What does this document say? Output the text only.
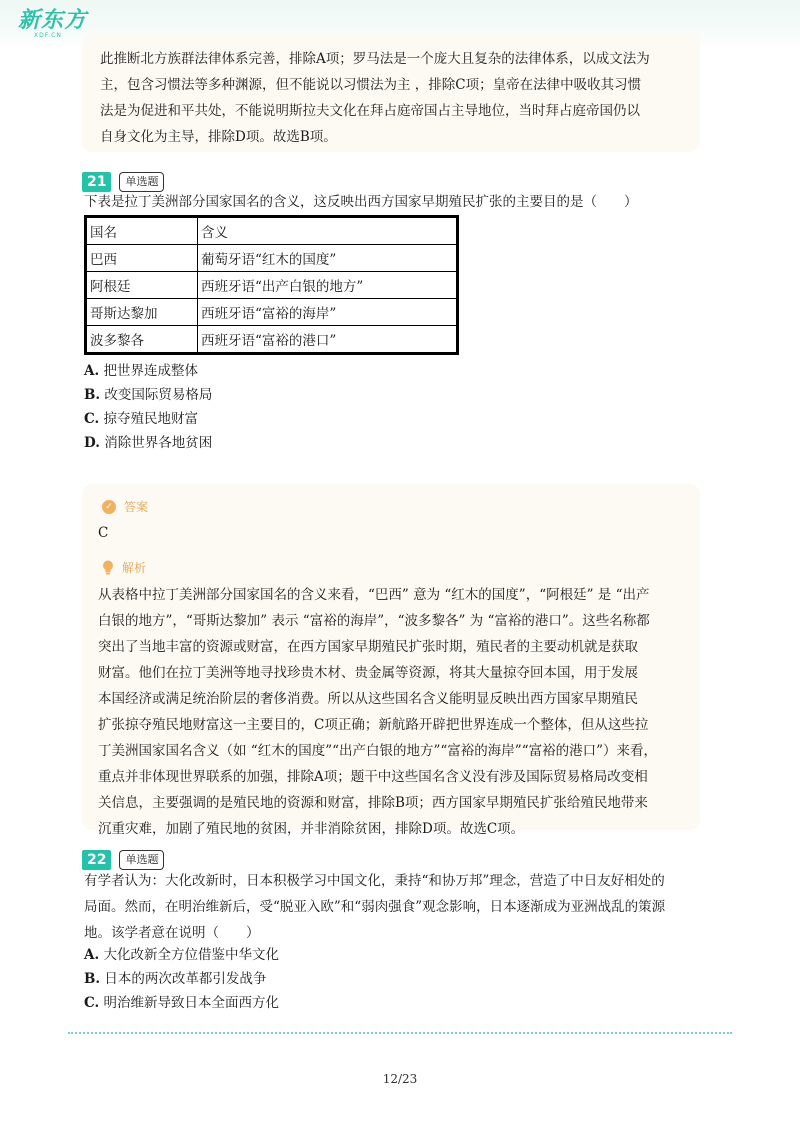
新东方
XDF.CN

此推断北方族群法律体系完善，排除A项；罗马法是一个庞大且复杂的法律体系，以成文法为

主，包含习惯法等多种渊源，但不能说以习惯法为主 ，排除C项；皇帝在法律中吸收其习惯

法是为促进和平共处，不能说明斯拉夫文化在拜占庭帝国占主导地位，当时拜占庭帝国仍以

自身文化为主导，排除D项。故选B项。

21	单选题

下表是拉丁美洲部分国家国名的含义，这反映出西方国家早期殖民扩张的主要目的是（　　）

国名	含义
巴西	葡萄牙语“红木的国度”
阿根廷	西班牙语“出产白银的地方”
哥斯达黎加	西班牙语“富裕的海岸”
波多黎各	西班牙语“富裕的港口”
A. 把世界连成整体
B. 改变国际贸易格局
C. 掠夺殖民地财富
D. 消除世界各地贫困
✓ 答案

C

解析

从表格中拉丁美洲部分国家国名的含义来看，“巴西” 意为 “红木的国度”，“阿根廷” 是 “出产

白银的地方”，“哥斯达黎加” 表示 “富裕的海岸”，“波多黎各” 为 “富裕的港口”。这些名称都

突出了当地丰富的资源或财富，在西方国家早期殖民扩张时期，殖民者的主要动机就是获取

财富。他们在拉丁美洲等地寻找珍贵木材、贵金属等资源，将其大量掠夺回本国，用于发展

本国经济或满足统治阶层的奢侈消费。所以从这些国名含义能明显反映出西方国家早期殖民

扩张掠夺殖民地财富这一主要目的，C项正确；新航路开辟把世界连成一个整体，但从这些拉

丁美洲国家国名含义（如 “红木的国度”“出产白银的地方”“富裕的海岸”“富裕的港口”）来看，

重点并非体现世界联系的加强，排除A项；题干中这些国名含义没有涉及国际贸易格局改变相

关信息，主要强调的是殖民地的资源和财富，排除B项；西方国家早期殖民扩张给殖民地带来

沉重灾难，加剧了殖民地的贫困，并非消除贫困，排除D项。故选C项。

22	单选题

有学者认为：大化改新时，日本积极学习中国文化，秉持“和协万邦”理念，营造了中日友好相处的

局面。然而，在明治维新后，受“脱亚入欧”和“弱肉强食”观念影响，日本逐渐成为亚洲战乱的策源

地。该学者意在说明（　　）

A. 大化改新全方位借鉴中华文化
B. 日本的两次改革都引发战争
C. 明治维新导致日本全面西方化
12/23
